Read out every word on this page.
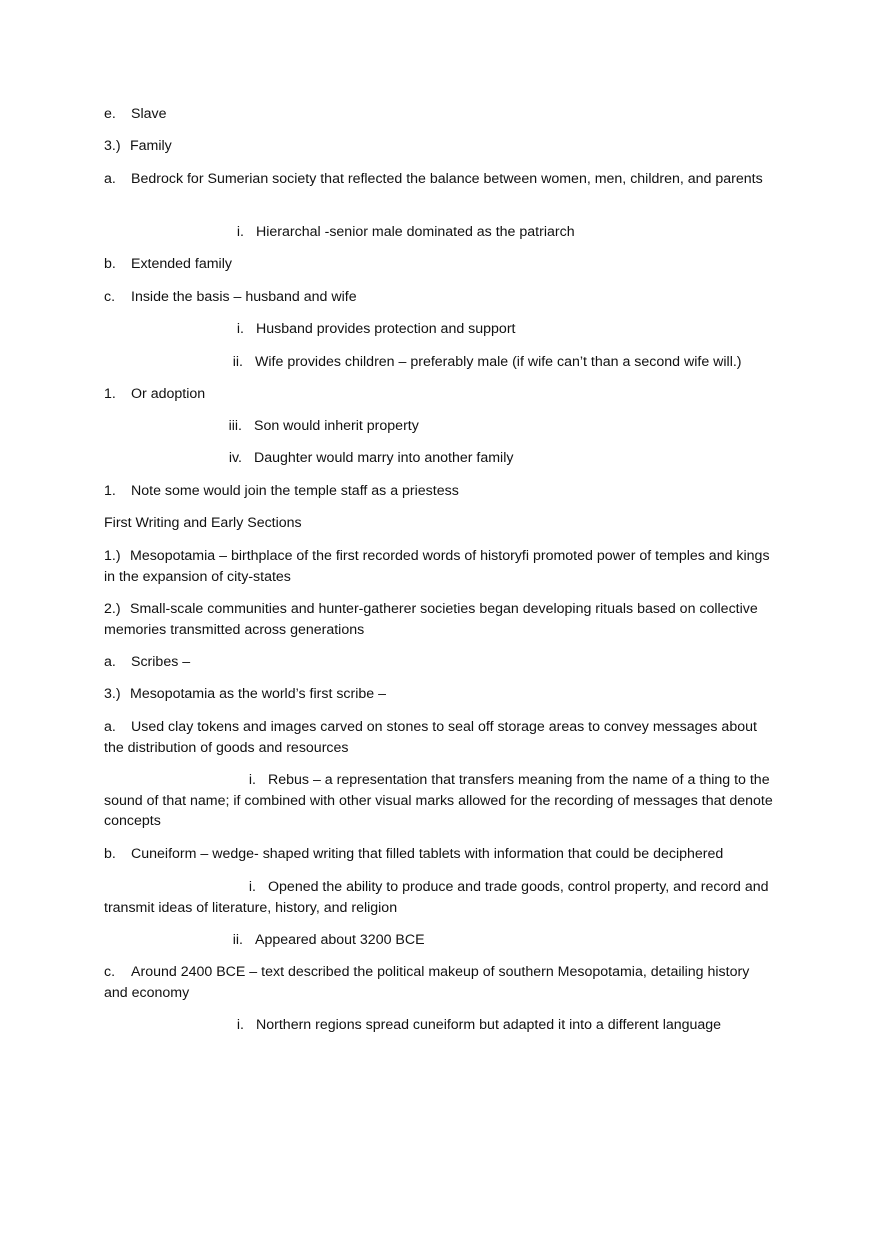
e. Slave
3.) Family
a. Bedrock for Sumerian society that reflected the balance between women, men, children, and parents
i. Hierarchal -senior male dominated as the patriarch
b. Extended family
c. Inside the basis – husband and wife
i. Husband provides protection and support
ii. Wife provides children – preferably male (if wife can’t than a second wife will.)
1. Or adoption
iii. Son would inherit property
iv. Daughter would marry into another family
1. Note some would join the temple staff as a priestess
First Writing and Early Sections
1.) Mesopotamia – birthplace of the first recorded words of historyfi promoted power of temples and kings in the expansion of city-states
2.) Small-scale communities and hunter-gatherer societies began developing rituals based on collective memories transmitted across generations
a. Scribes –
3.) Mesopotamia as the world’s first scribe –
a. Used clay tokens and images carved on stones to seal off storage areas to convey messages about the distribution of goods and resources
i. Rebus – a representation that transfers meaning from the name of a thing to the sound of that name; if combined with other visual marks allowed for the recording of messages that denote concepts
b. Cuneiform – wedge- shaped writing that filled tablets with information that could be deciphered
i. Opened the ability to produce and trade goods, control property, and record and transmit ideas of literature, history, and religion
ii. Appeared about 3200 BCE
c. Around 2400 BCE – text described the political makeup of southern Mesopotamia, detailing history and economy
i. Northern regions spread cuneiform but adapted it into a different language
